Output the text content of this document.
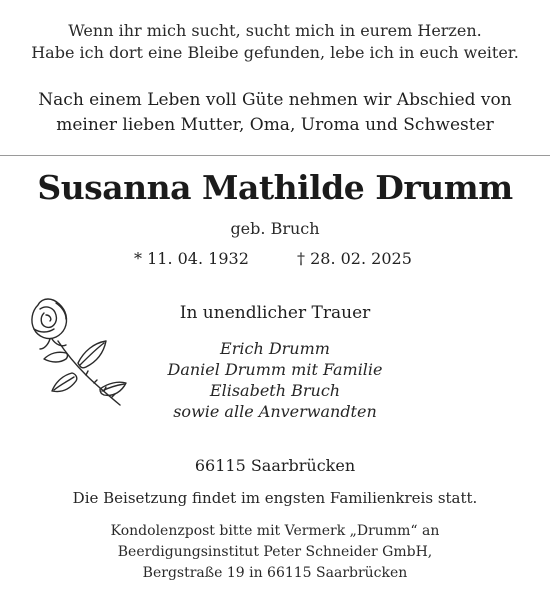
Wenn ihr mich sucht, sucht mich in eurem Herzen.
Habe ich dort eine Bleibe gefunden, lebe ich in euch weiter.
Nach einem Leben voll Güte nehmen wir Abschied von
meiner lieben Mutter, Oma, Uroma und Schwester
Susanna Mathilde Drumm
geb. Bruch
* 11. 04. 1932	† 28. 02. 2025
In unendlicher Trauer
Erich Drumm
Daniel Drumm mit Familie
Elisabeth Bruch
sowie alle Anverwandten
66115 Saarbrücken
Die Beisetzung findet im engsten Familienkreis statt.
Kondolenzpost bitte mit Vermerk „Drumm“ an
Beerdigungsinstitut Peter Schneider GmbH,
Bergstraße 19 in 66115 Saarbrücken
